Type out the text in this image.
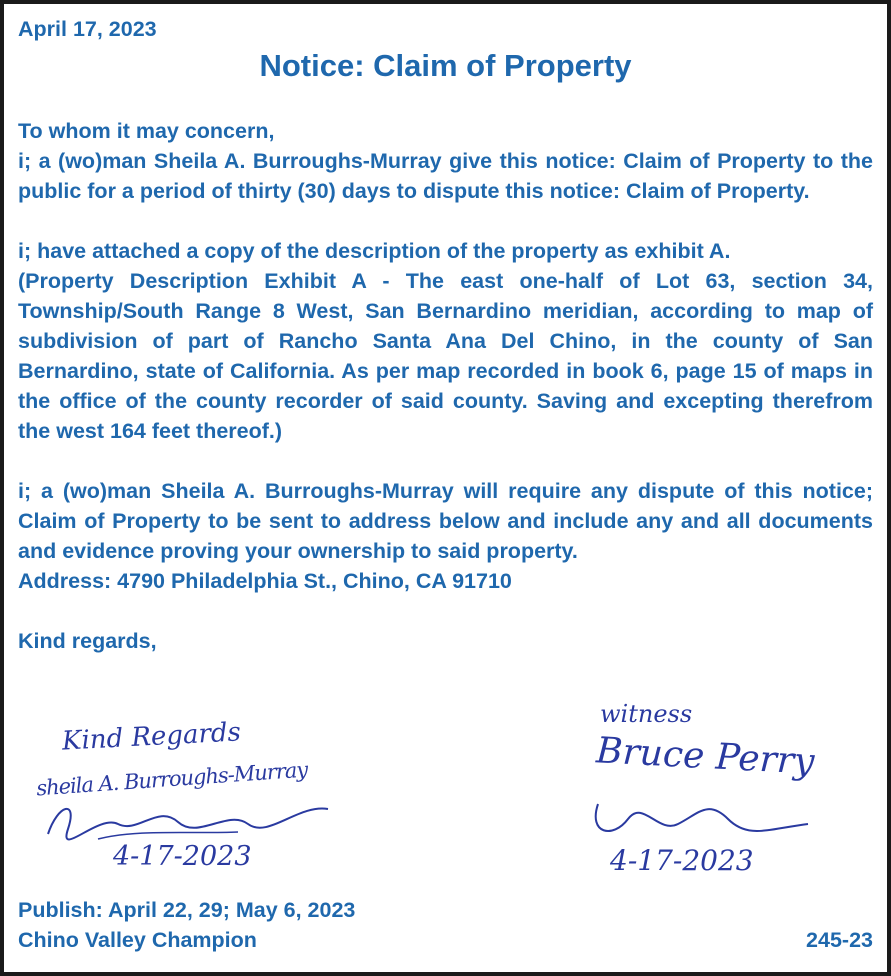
April 17, 2023
Notice: Claim of Property

To whom it may concern,

i; a (wo)man Sheila A. Burroughs-Murray give this notice: Claim of Property to the public for a period of thirty (30) days to dispute this notice: Claim of Property.

i; have attached a copy of the description of the property as exhibit A.

(Property Description Exhibit A - The east one-half of Lot 63, section 34, Township/South Range 8 West, San Bernardino meridian, according to map of subdivision of part of Rancho Santa Ana Del Chino, in the county of San Bernardino, state of California. As per map recorded in book 6, page 15 of maps in the office of the county recorder of said county. Saving and excepting therefrom the west 164 feet thereof.)

i; a (wo)man Sheila A. Burroughs-Murray will require any dispute of this notice; Claim of Property to be sent to address below and include any and all documents and evidence proving your ownership to said property.

Address: 4790 Philadelphia St., Chino, CA 91710

Kind regards,

Kind Regards
sheila A. Burroughs-Murray
4-17-2023
witness
Bruce Perry
4-17-2023
Publish: April 22, 29; May 6, 2023
Chino Valley Champion	245-23
